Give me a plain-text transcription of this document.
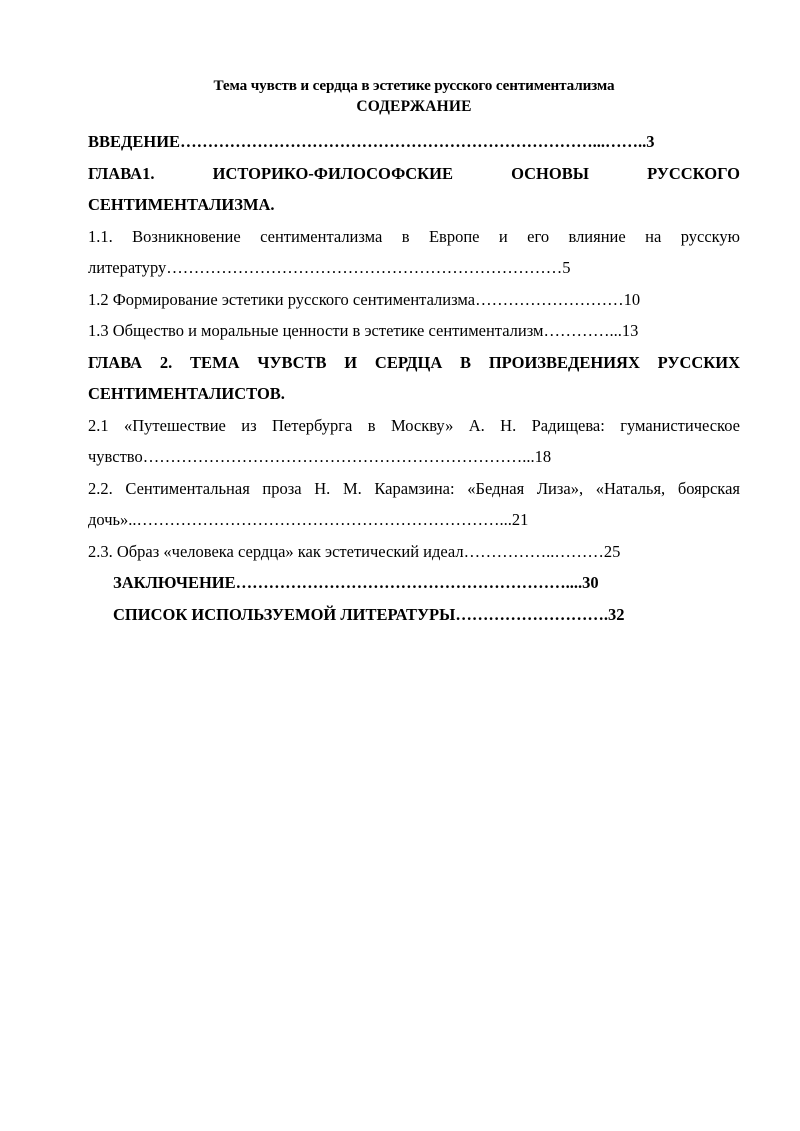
Тема чувств и сердца в эстетике русского сентиментализма
СОДЕРЖАНИЕ
ВВЕДЕНИЕ…………………………………………………………………...……..3
ГЛАВА1. ИСТОРИКО-ФИЛОСОФСКИЕ ОСНОВЫ РУССКОГО СЕНТИМЕНТАЛИЗМА.
1.1. Возникновение сентиментализма в Европе и его влияние на русскую литературу………………………………………………………………5
1.2 Формирование эстетики русского сентиментализма………………………10
1.3 Общество и моральные ценности в эстетике сентиментализм…………...13
ГЛАВА 2. ТЕМА ЧУВСТВ И СЕРДЦА В ПРОИЗВЕДЕНИЯХ РУССКИХ СЕНТИМЕНТАЛИСТОВ.
2.1 «Путешествие из Петербурга в Москву» А. Н. Радищева: гуманистическое чувство……………………………………………………………...18
2.2. Сентиментальная проза Н. М. Карамзина: «Бедная Лиза», «Наталья, боярская дочь»..…………………………………………………………...21
2.3. Образ «человека сердца» как эстетический идеал……………..………25
ЗАКЛЮЧЕНИЕ……………………………………………………....30
СПИСОК ИСПОЛЬЗУЕМОЙ ЛИТЕРАТУРЫ……………………….32
